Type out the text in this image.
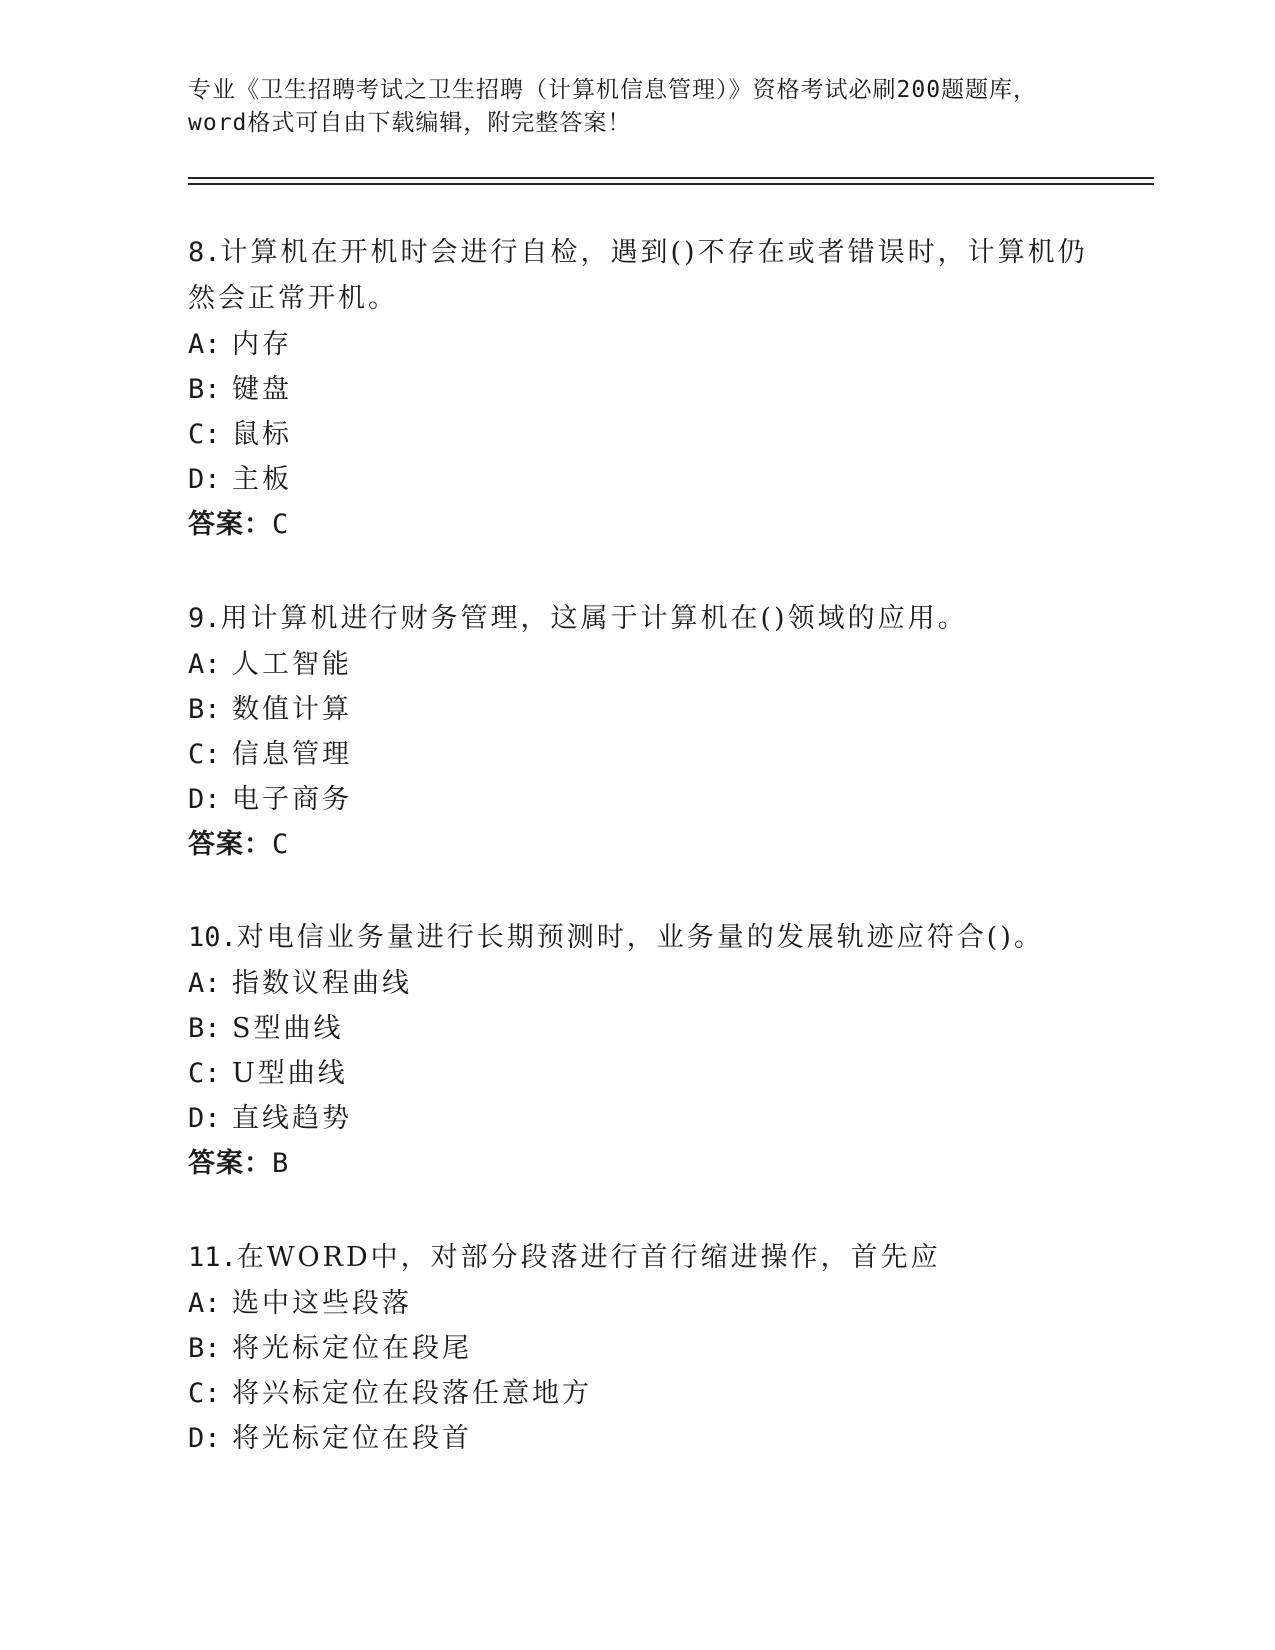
专业《卫生招聘考试之卫生招聘（计算机信息管理）》资格考试必刷200题题库，
word格式可自由下载编辑，附完整答案！
8.计算机在开机时会进行自检，遇到()不存在或者错误时，计算机仍
然会正常开机。
A: 内存
B: 键盘
C: 鼠标
D: 主板
答案：C
9.用计算机进行财务管理，这属于计算机在()领域的应用。
A: 人工智能
B: 数值计算
C: 信息管理
D: 电子商务
答案：C
10.对电信业务量进行长期预测时，业务量的发展轨迹应符合()。
A: 指数议程曲线
B: S型曲线
C: U型曲线
D: 直线趋势
答案：B
11.在WORD中，对部分段落进行首行缩进操作，首先应
A: 选中这些段落
B: 将光标定位在段尾
C: 将兴标定位在段落任意地方
D: 将光标定位在段首
